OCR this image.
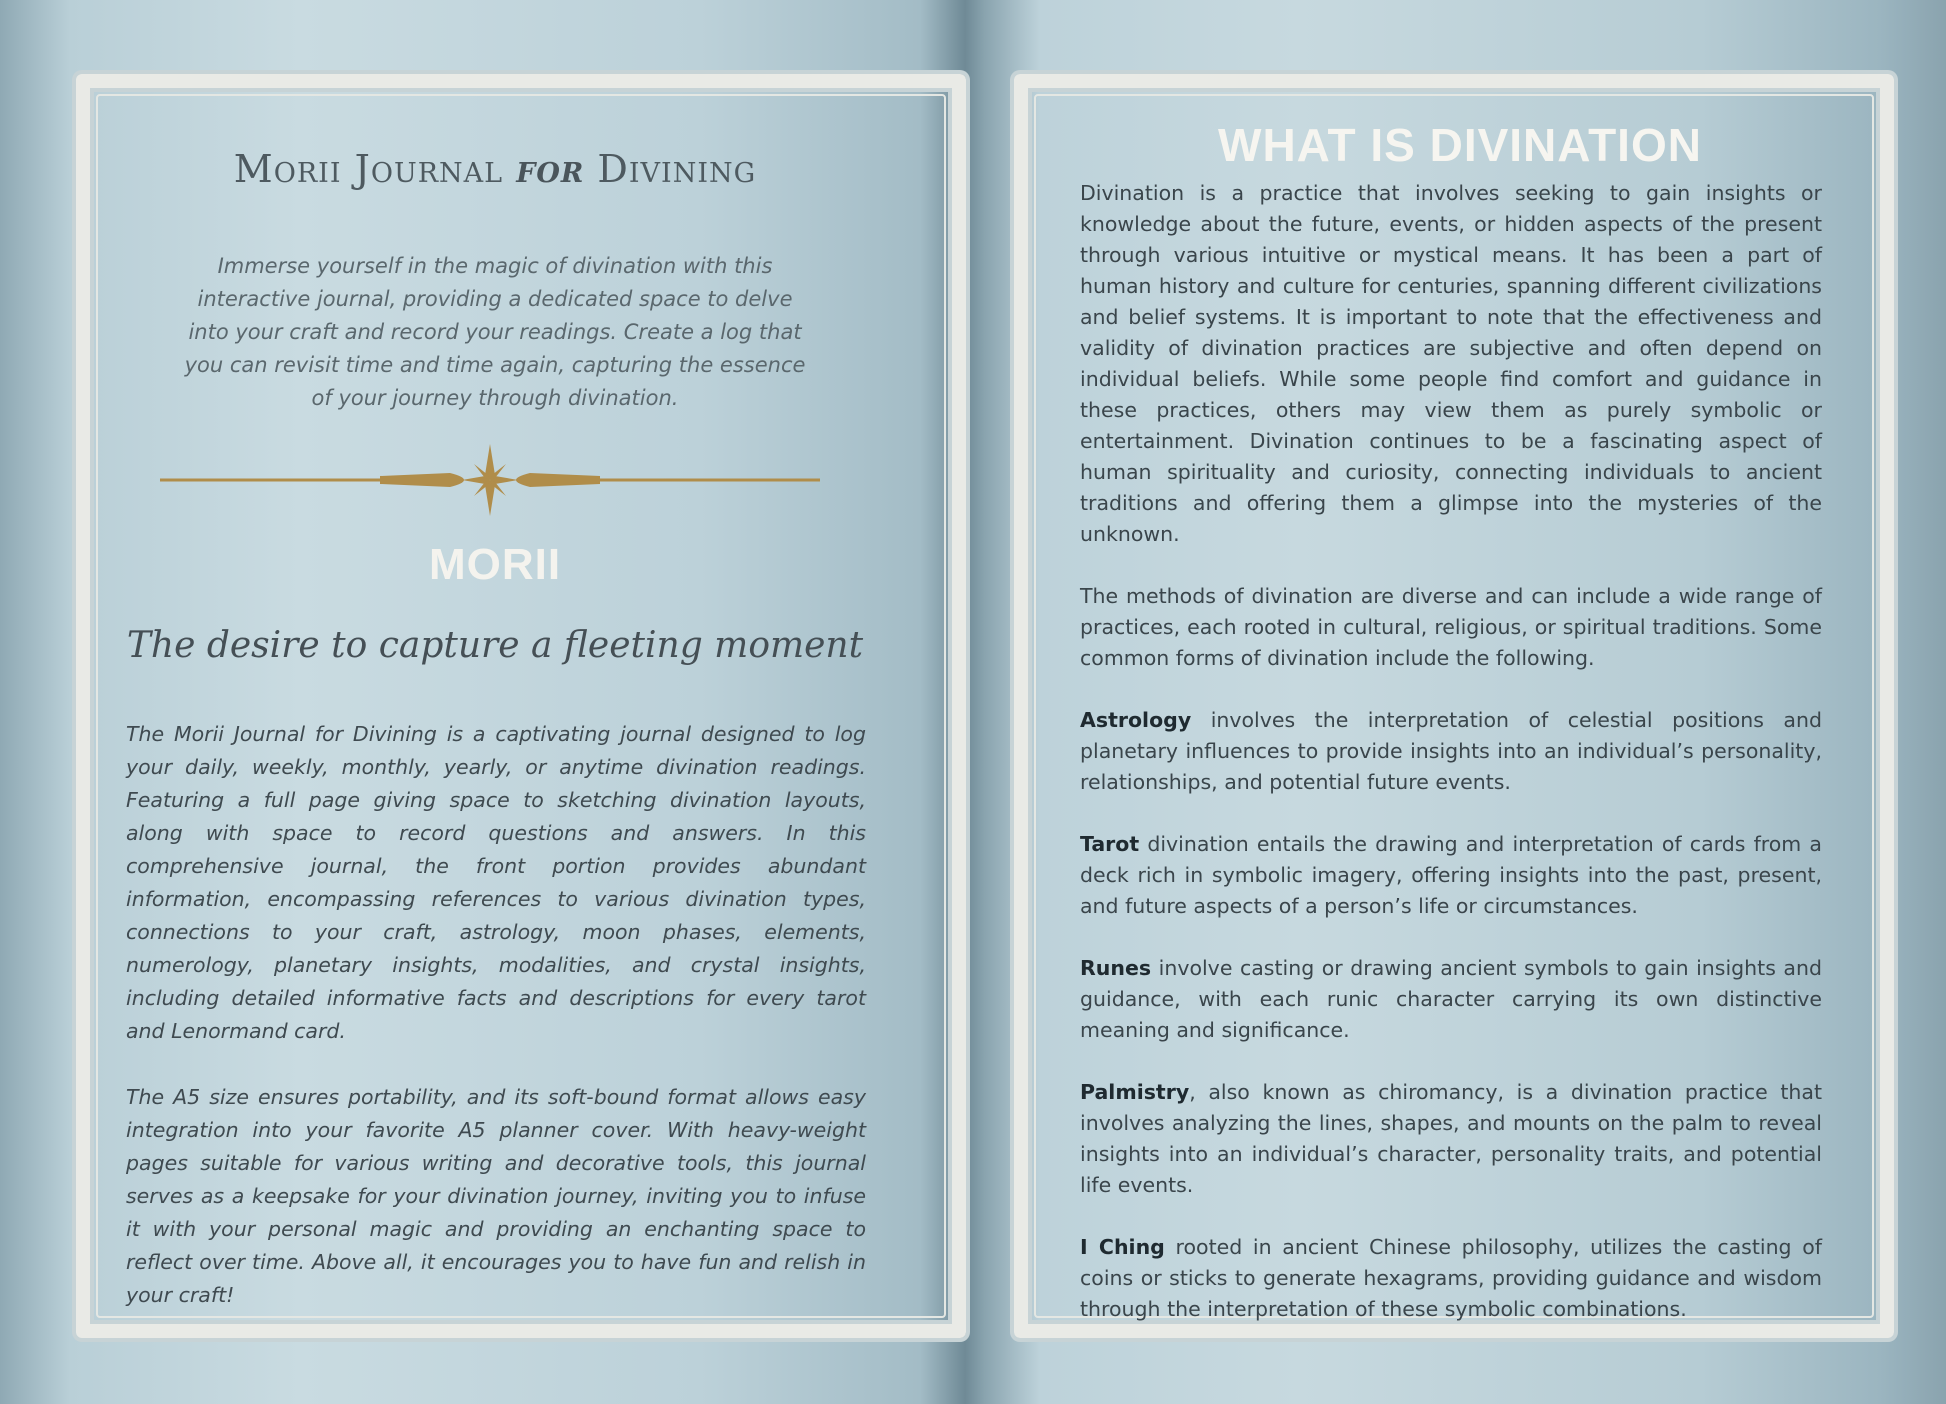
Morii Journal for Divining
Immerse yourself in the magic of divination with this interactive journal, providing a dedicated space to delve into your craft and record your readings. Create a log that you can revisit time and time again, capturing the essence of your journey through divination.
MORII
The desire to capture a fleeting moment

The Morii Journal for Divining is a captivating journal designed to log your daily, weekly, monthly, yearly, or anytime divination readings. Featuring a full page giving space to sketching divination layouts, along with space to record questions and answers. In this comprehensive journal, the front portion provides abundant information, encompassing references to various divination types, connections to your craft, astrology, moon phases, elements, numerology, planetary insights, modalities, and crystal insights, including detailed informative facts and descriptions for every tarot and Lenormand card.

The A5 size ensures portability, and its soft-bound format allows easy integration into your favorite A5 planner cover. With heavy-weight pages suitable for various writing and decorative tools, this journal serves as a keepsake for your divination journey, inviting you to infuse it with your personal magic and providing an enchanting space to reflect over time. Above all, it encourages you to have fun and relish in your craft!

WHAT IS DIVINATION

Divination is a practice that involves seeking to gain insights or knowledge about the future, events, or hidden aspects of the present through various intuitive or mystical means. It has been a part of human history and culture for centuries, spanning different civilizations and belief systems. It is important to note that the effectiveness and validity of divination practices are subjective and often depend on individual beliefs. While some people find comfort and guidance in these practices, others may view them as purely symbolic or entertainment. Divination continues to be a fascinating aspect of human spirituality and curiosity, connecting individuals to ancient traditions and offering them a glimpse into the mysteries of the unknown.

The methods of divination are diverse and can include a wide range of practices, each rooted in cultural, religious, or spiritual traditions. Some common forms of divination include the following.

Astrology involves the interpretation of celestial positions and planetary influences to provide insights into an individual’s personality, relationships, and potential future events.

Tarot divination entails the drawing and interpretation of cards from a deck rich in symbolic imagery, offering insights into the past, present, and future aspects of a person’s life or circumstances.

Runes involve casting or drawing ancient symbols to gain insights and guidance, with each runic character carrying its own distinctive meaning and significance.

Palmistry, also known as chiromancy, is a divination practice that involves analyzing the lines, shapes, and mounts on the palm to reveal insights into an individual’s character, personality traits, and potential life events.

I Ching rooted in ancient Chinese philosophy, utilizes the casting of coins or sticks to generate hexagrams, providing guidance and wisdom through the interpretation of these symbolic combinations.
